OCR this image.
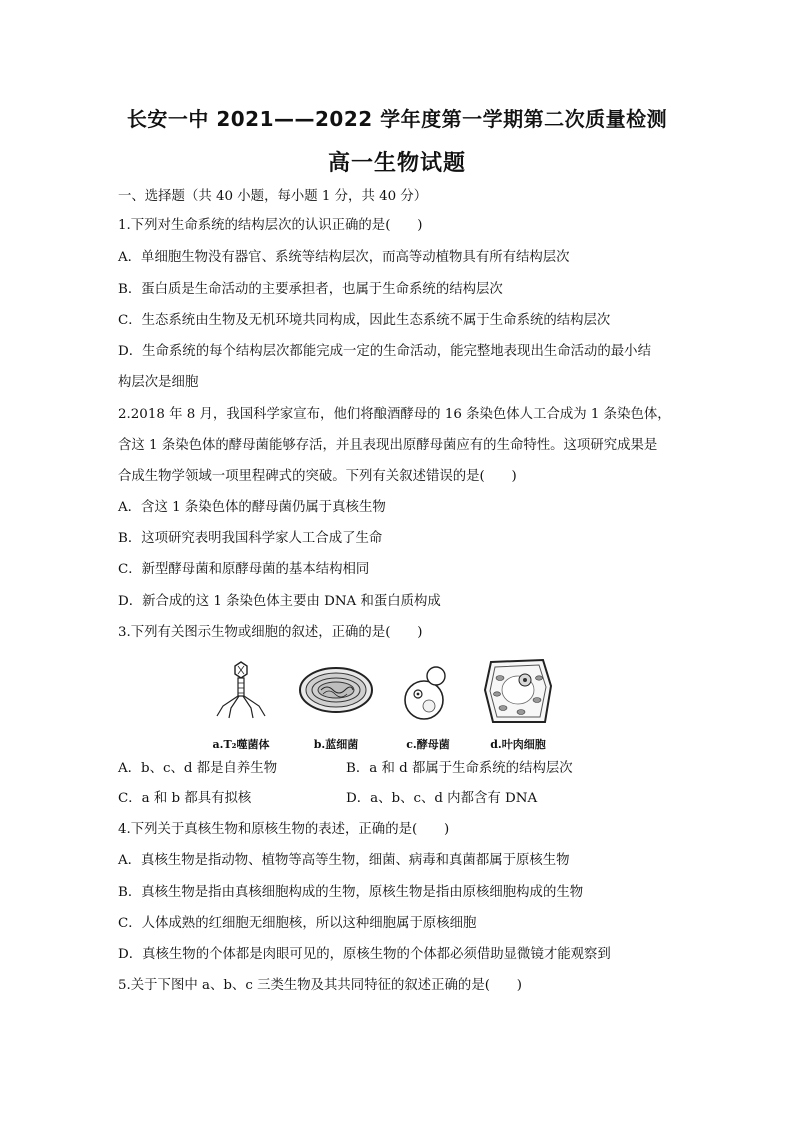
长安一中 2021——2022 学年度第一学期第二次质量检测
高一生物试题
一、选择题（共 40 小题，每小题 1 分，共 40 分）
1.下列对生命系统的结构层次的认识正确的是(　　)
A．单细胞生物没有器官、系统等结构层次，而高等动植物具有所有结构层次
B．蛋白质是生命活动的主要承担者，也属于生命系统的结构层次
C．生态系统由生物及无机环境共同构成，因此生态系统不属于生命系统的结构层次
D．生命系统的每个结构层次都能完成一定的生命活动，能完整地表现出生命活动的最小结
构层次是细胞
2.2018 年 8 月，我国科学家宣布，他们将酿酒酵母的 16 条染色体人工合成为 1 条染色体，
含这 1 条染色体的酵母菌能够存活，并且表现出原酵母菌应有的生命特性。这项研究成果是
合成生物学领域一项里程碑式的突破。下列有关叙述错误的是(　　)
A．含这 1 条染色体的酵母菌仍属于真核生物
B．这项研究表明我国科学家人工合成了生命
C．新型酵母菌和原酵母菌的基本结构相同
D．新合成的这 1 条染色体主要由 DNA 和蛋白质构成
3.下列有关图示生物或细胞的叙述，正确的是(　　)
a.T₂噬菌体	b.蓝细菌	c.酵母菌	d.叶肉细胞
A．b、c、d 都是自养生物	B．a 和 d 都属于生命系统的结构层次
C．a 和 b 都具有拟核	D．a、b、c、d 内都含有 DNA
4.下列关于真核生物和原核生物的表述，正确的是(　　)
A．真核生物是指动物、植物等高等生物，细菌、病毒和真菌都属于原核生物
B．真核生物是指由真核细胞构成的生物，原核生物是指由原核细胞构成的生物
C．人体成熟的红细胞无细胞核，所以这种细胞属于原核细胞
D．真核生物的个体都是肉眼可见的，原核生物的个体都必须借助显微镜才能观察到
5.关于下图中 a、b、c 三类生物及其共同特征的叙述正确的是(　　)
